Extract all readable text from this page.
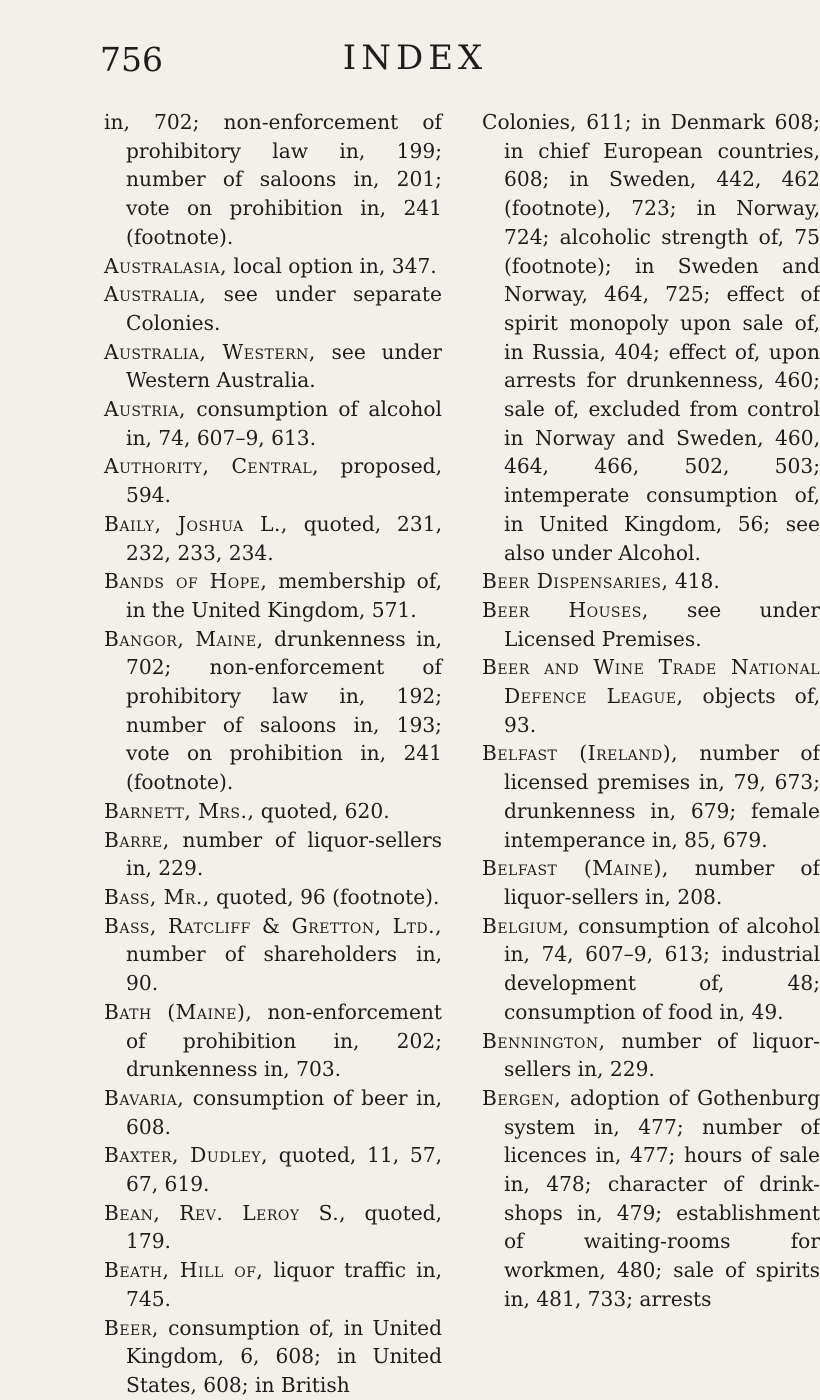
756	INDEX

in, 702; non-enforcement of prohibitory law in, 199; number of saloons in, 201; vote on prohibition in, 241 (footnote).

Australasia, local option in, 347.

Australia, see under separate Colonies.

Australia, Western, see under Western Australia.

Austria, consumption of alcohol in, 74, 607–9, 613.

Authority, Central, proposed, 594.

Baily, Joshua L., quoted, 231, 232, 233, 234.

Bands of Hope, membership of, in the United Kingdom, 571.

Bangor, Maine, drunkenness in, 702; non-enforcement of prohibitory law in, 192; number of saloons in, 193; vote on prohibition in, 241 (footnote).

Barnett, Mrs., quoted, 620.

Barre, number of liquor-sellers in, 229.

Bass, Mr., quoted, 96 (footnote).

Bass, Ratcliff & Gretton, Ltd., number of shareholders in, 90.

Bath (Maine), non-enforcement of prohibition in, 202; drunkenness in, 703.

Bavaria, consumption of beer in, 608.

Baxter, Dudley, quoted, 11, 57, 67, 619.

Bean, Rev. Leroy S., quoted, 179.

Beath, Hill of, liquor traffic in, 745.

Beer, consumption of, in United Kingdom, 6, 608; in United States, 608; in British

Colonies, 611; in Denmark 608; in chief European countries, 608; in Sweden, 442, 462 (footnote), 723; in Norway, 724; alcoholic strength of, 75 (footnote); in Sweden and Norway, 464, 725; effect of spirit monopoly upon sale of, in Russia, 404; effect of, upon arrests for drunkenness, 460; sale of, excluded from control in Norway and Sweden, 460, 464, 466, 502, 503; intemperate consumption of, in United Kingdom, 56; see also under Alcohol.

Beer Dispensaries, 418.

Beer Houses, see under Licensed Premises.

Beer and Wine Trade National Defence League, objects of, 93.

Belfast (Ireland), number of licensed premises in, 79, 673; drunkenness in, 679; female intemperance in, 85, 679.

Belfast (Maine), number of liquor-sellers in, 208.

Belgium, consumption of alcohol in, 74, 607–9, 613; industrial development of, 48; consumption of food in, 49.

Bennington, number of liquor-sellers in, 229.

Bergen, adoption of Gothenburg system in, 477; number of licences in, 477; hours of sale in, 478; character of drink-shops in, 479; establishment of waiting-rooms for workmen, 480; sale of spirits in, 481, 733; arrests
